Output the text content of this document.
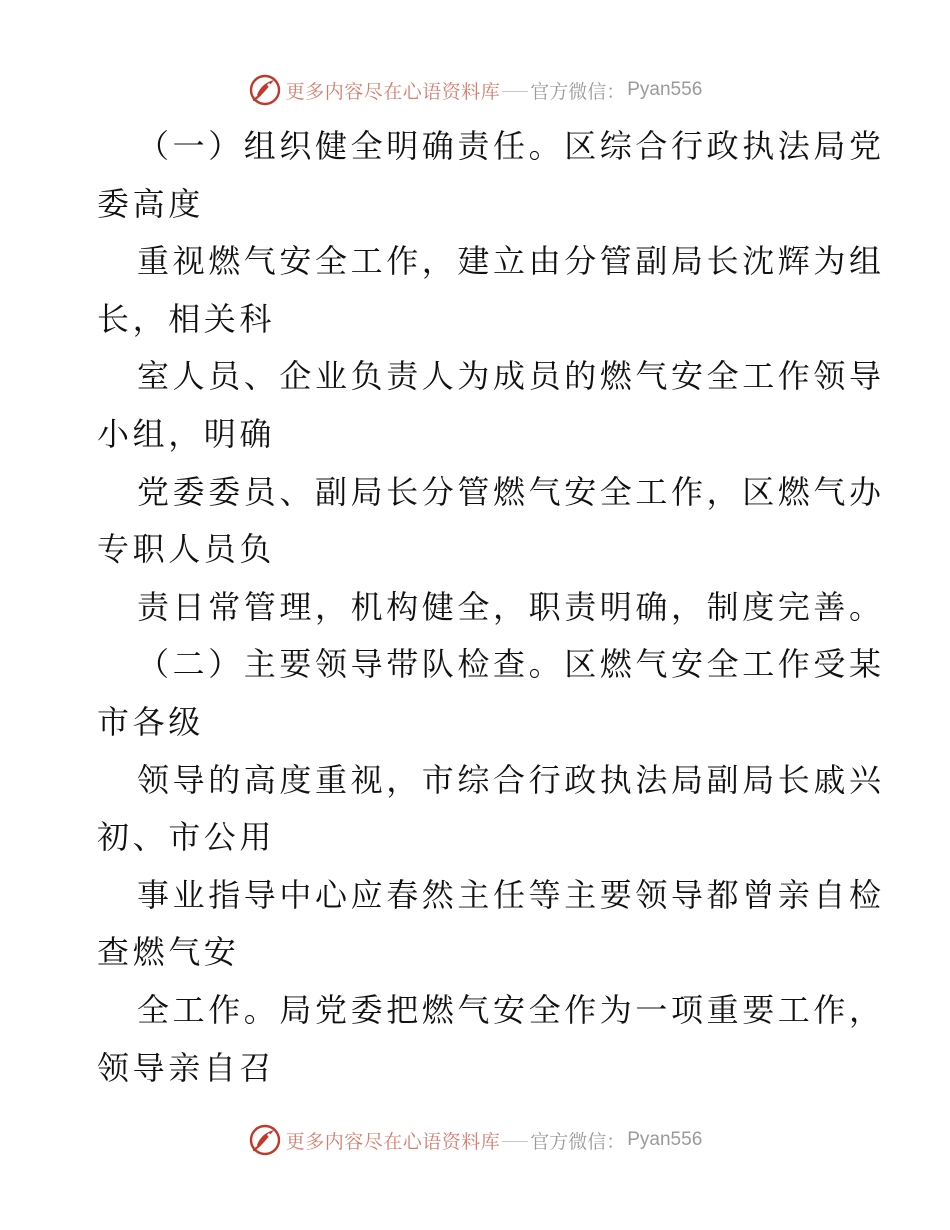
更多内容尽在心语资料库 官方微信： Pyan556
（一）组织健全明确责任。区综合行政执法局党
委高度
重视燃气安全工作，建立由分管副局长沈辉为组
长，相关科
室人员、企业负责人为成员的燃气安全工作领导
小组，明确
党委委员、副局长分管燃气安全工作，区燃气办
专职人员负
责日常管理，机构健全，职责明确，制度完善。
（二）主要领导带队检查。区燃气安全工作受某
市各级
领导的高度重视，市综合行政执法局副局长戚兴
初、市公用
事业指导中心应春然主任等主要领导都曾亲自检
查燃气安
全工作。局党委把燃气安全作为一项重要工作，
领导亲自召
更多内容尽在心语资料库 官方微信： Pyan556
